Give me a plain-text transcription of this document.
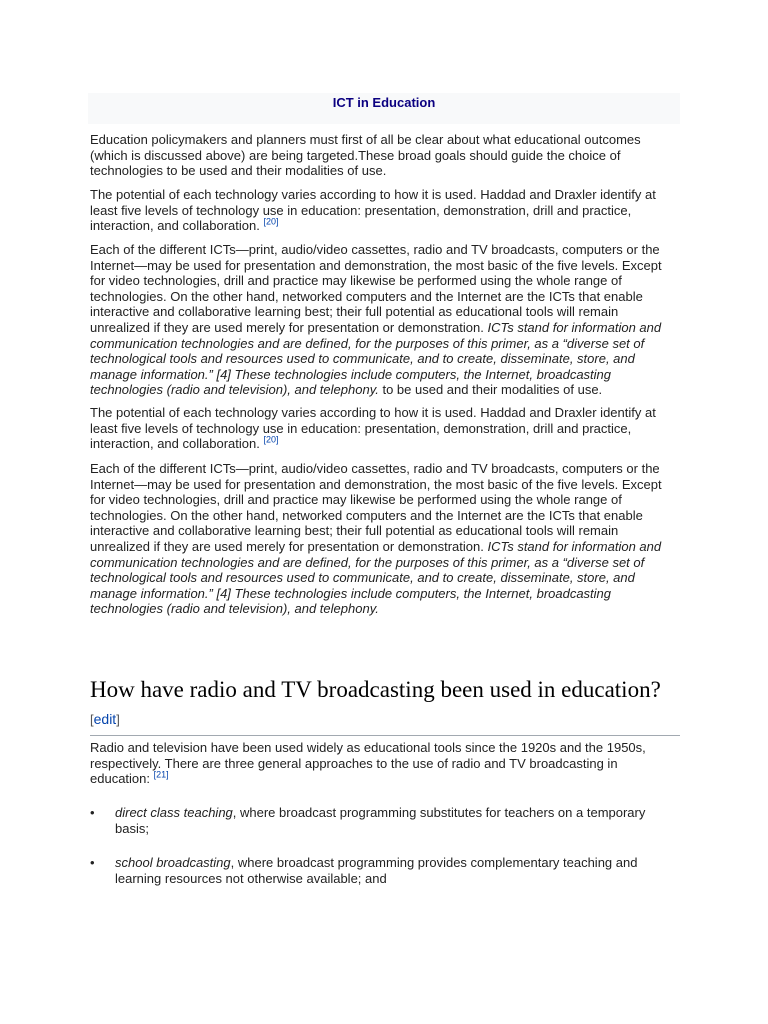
ICT in Education

Education policymakers and planners must first of all be clear about what educational outcomes (which is discussed above) are being targeted.These broad goals should guide the choice of technologies to be used and their modalities of use.

The potential of each technology varies according to how it is used. Haddad and Draxler identify at least five levels of technology use in education: presentation, demonstration, drill and practice, interaction, and collaboration. [20]

Each of the different ICTs—print, audio/video cassettes, radio and TV broadcasts, computers or the Internet—may be used for presentation and demonstration, the most basic of the five levels. Except for video technologies, drill and practice may likewise be performed using the whole range of technologies. On the other hand, networked computers and the Internet are the ICTs that enable interactive and collaborative learning best; their full potential as educational tools will remain unrealized if they are used merely for presentation or demonstration. ICTs stand for information and communication technologies and are defined, for the purposes of this primer, as a “diverse set of technological tools and resources used to communicate, and to create, disseminate, store, and manage information.” [4] These technologies include computers, the Internet, broadcasting technologies (radio and television), and telephony. to be used and their modalities of use.

The potential of each technology varies according to how it is used. Haddad and Draxler identify at least five levels of technology use in education: presentation, demonstration, drill and practice, interaction, and collaboration. [20]

Each of the different ICTs—print, audio/video cassettes, radio and TV broadcasts, computers or the Internet—may be used for presentation and demonstration, the most basic of the five levels. Except for video technologies, drill and practice may likewise be performed using the whole range of technologies. On the other hand, networked computers and the Internet are the ICTs that enable interactive and collaborative learning best; their full potential as educational tools will remain unrealized if they are used merely for presentation or demonstration. ICTs stand for information and communication technologies and are defined, for the purposes of this primer, as a “diverse set of technological tools and resources used to communicate, and to create, disseminate, store, and manage information.” [4] These technologies include computers, the Internet, broadcasting technologies (radio and television), and telephony.

How have radio and TV broadcasting been used in education?[edit]

Radio and television have been used widely as educational tools since the 1920s and the 1950s, respectively. There are three general approaches to the use of radio and TV broadcasting in education: [21]

• direct class teaching, where broadcast programming substitutes for teachers on a temporary basis;
• school broadcasting, where broadcast programming provides complementary teaching and learning resources not otherwise available; and
